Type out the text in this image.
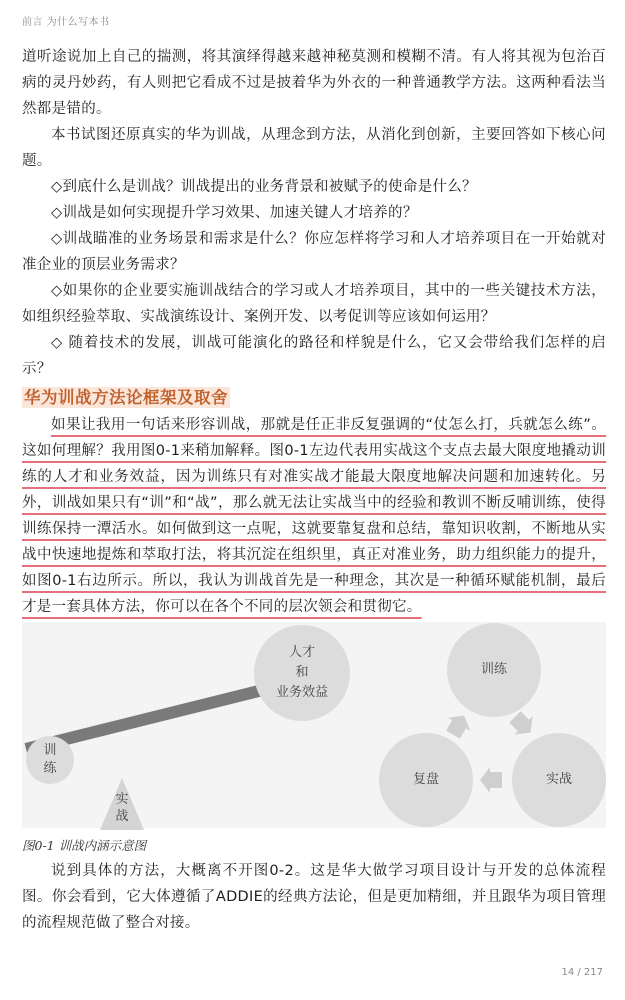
前言 为什么写本书

道听途说加上自己的揣测，将其演绎得越来越神秘莫测和模糊不清。有人将其视为包治百病的灵丹妙药，有人则把它看成不过是披着华为外衣的一种普通教学方法。这两种看法当然都是错的。

本书试图还原真实的华为训战，从理念到方法，从消化到创新，主要回答如下核心问题。

◇到底什么是训战？训战提出的业务背景和被赋予的使命是什么？

◇训战是如何实现提升学习效果、加速关键人才培养的？

◇训战瞄准的业务场景和需求是什么？你应怎样将学习和人才培养项目在一开始就对准企业的顶层业务需求？

◇如果你的企业要实施训战结合的学习或人才培养项目，其中的一些关键技术方法，如组织经验萃取、实战演练设计、案例开发、以考促训等应该如何运用？

◇ 随着技术的发展，训战可能演化的路径和样貌是什么，它又会带给我们怎样的启示？

华为训战方法论框架及取舍

如果让我用一句话来形容训战，那就是任正非反复强调的“仗怎么打，兵就怎么练”。这如何理解？我用图0-1来稍加解释。图0-1左边代表用实战这个支点去最大限度地撬动训练的人才和业务效益，因为训练只有对准实战才能最大限度地解决问题和加速转化。另外，训战如果只有“训”和“战”，那么就无法让实战当中的经验和教训不断反哺训练，使得训练保持一潭活水。如何做到这一点呢，这就要靠复盘和总结，靠知识收割，不断地从实战中快速地提炼和萃取打法，将其沉淀在组织里，真正对准业务，助力组织能力的提升，如图0-1右边所示。所以，我认为训战首先是一种理念，其次是一种循环赋能机制，最后才是一套具体方法，你可以在各个不同的层次领会和贯彻它。

训
练
人才
和
业务效益
实
战
训练
实战
复盘
图0-1 训战内涵示意图

说到具体的方法，大概离不开图0-2。这是华大做学习项目设计与开发的总体流程图。你会看到，它大体遵循了ADDIE的经典方法论，但是更加精细，并且跟华为项目管理的流程规范做了整合对接。

14 / 217
